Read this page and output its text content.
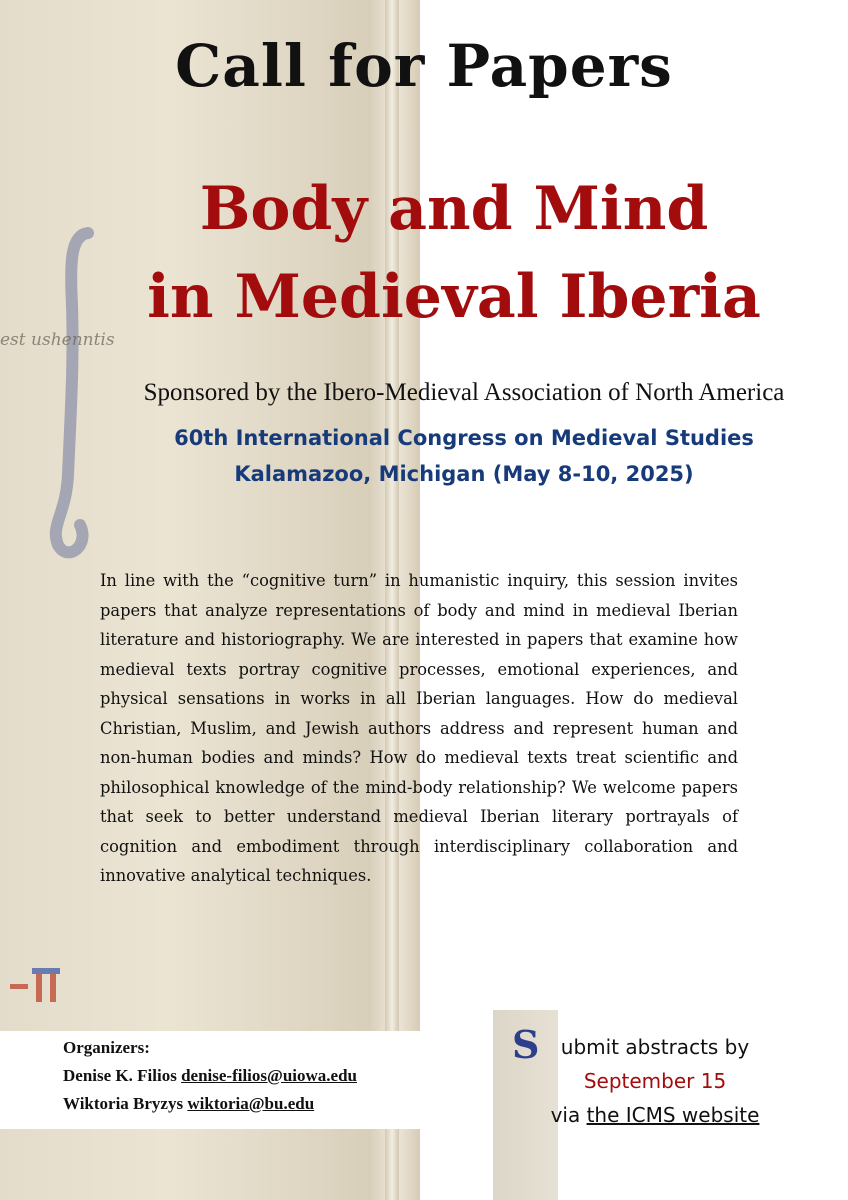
est ushenntis
Call for Papers
Body and Mind
in Medieval Iberia
Sponsored by the Ibero-Medieval Association of North America
60th International Congress on Medieval Studies
Kalamazoo, Michigan (May 8-10, 2025)
In line with the “cognitive turn” in humanistic inquiry, this session invites papers that analyze representations of body and mind in medieval Iberian literature and historiography. We are interested in papers that examine how medieval texts portray cognitive processes, emotional experiences, and physical sensations in works in all Iberian languages. How do medieval Christian, Muslim, and Jewish authors address and represent human and non-human bodies and minds? How do medieval texts treat scientific and philosophical knowledge of the mind-body relationship? We welcome papers that seek to better understand medieval Iberian literary portrayals of cognition and embodiment through interdisciplinary collaboration and innovative analytical techniques.
Organizers:
Denise K. Filios denise-filios@uiowa.edu
Wiktoria Bryzys wiktoria@bu.edu
S	ubmit abstracts by
September 15
via the ICMS website
